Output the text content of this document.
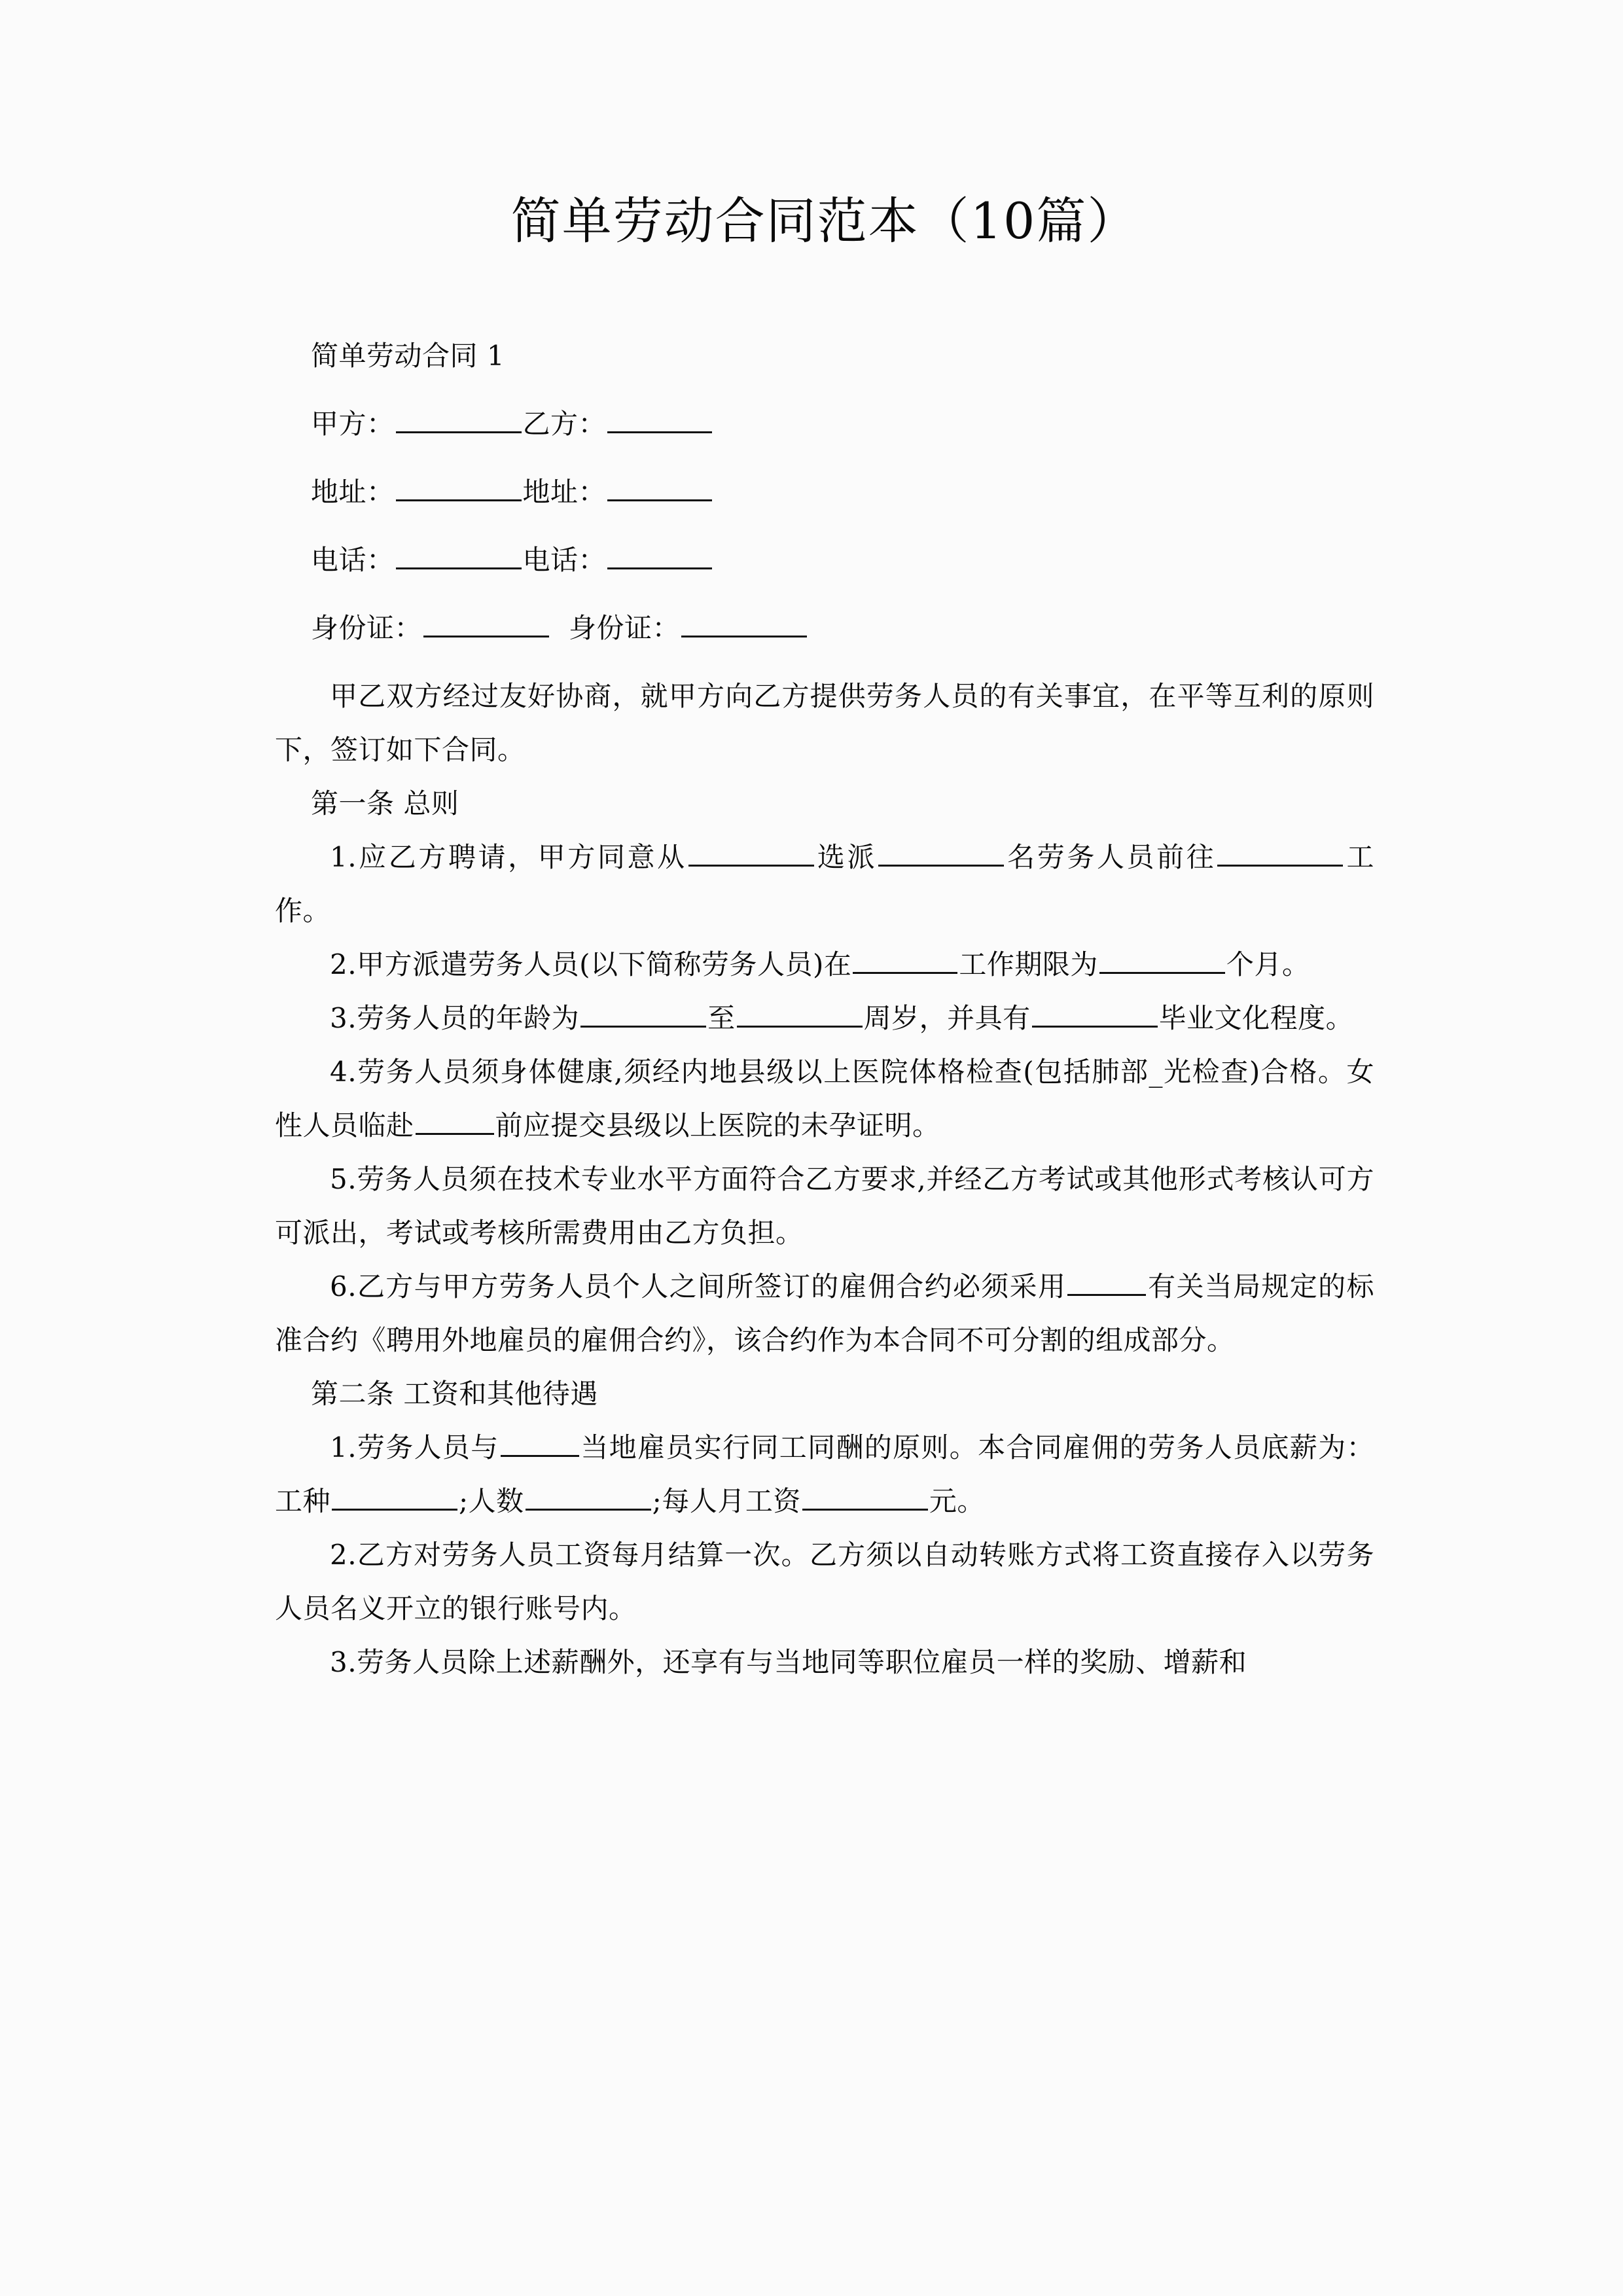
简单劳动合同范本（10篇）

简单劳动合同 1

甲方：	乙方：

地址：	地址：

电话：	电话：

身份证：	身份证：

甲乙双方经过友好协商，就甲方向乙方提供劳务人员的有关事宜，在平等互利的原则下，签订如下合同。

第一条 总则

1.应乙方聘请，甲方同意从	选派	名劳务人员前往	工作。

2.甲方派遣劳务人员(以下简称劳务人员)在	工作期限为	个月。

3.劳务人员的年龄为	至	周岁，并具有	毕业文化程度。

4.劳务人员须身体健康,须经内地县级以上医院体格检查(包括肺部_光检查)合格。女性人员临赴	前应提交县级以上医院的未孕证明。

5.劳务人员须在技术专业水平方面符合乙方要求,并经乙方考试或其他形式考核认可方可派出，考试或考核所需费用由乙方负担。

6.乙方与甲方劳务人员个人之间所签订的雇佣合约必须采用	有关当局规定的标准合约《聘用外地雇员的雇佣合约》，该合约作为本合同不可分割的组成部分。

第二条 工资和其他待遇

1.劳务人员与	当地雇员实行同工同酬的原则。本合同雇佣的劳务人员底薪为：工种	;人数	;每人月工资	元。

2.乙方对劳务人员工资每月结算一次。乙方须以自动转账方式将工资直接存入以劳务人员名义开立的银行账号内。

3.劳务人员除上述薪酬外，还享有与当地同等职位雇员一样的奖励、增薪和
